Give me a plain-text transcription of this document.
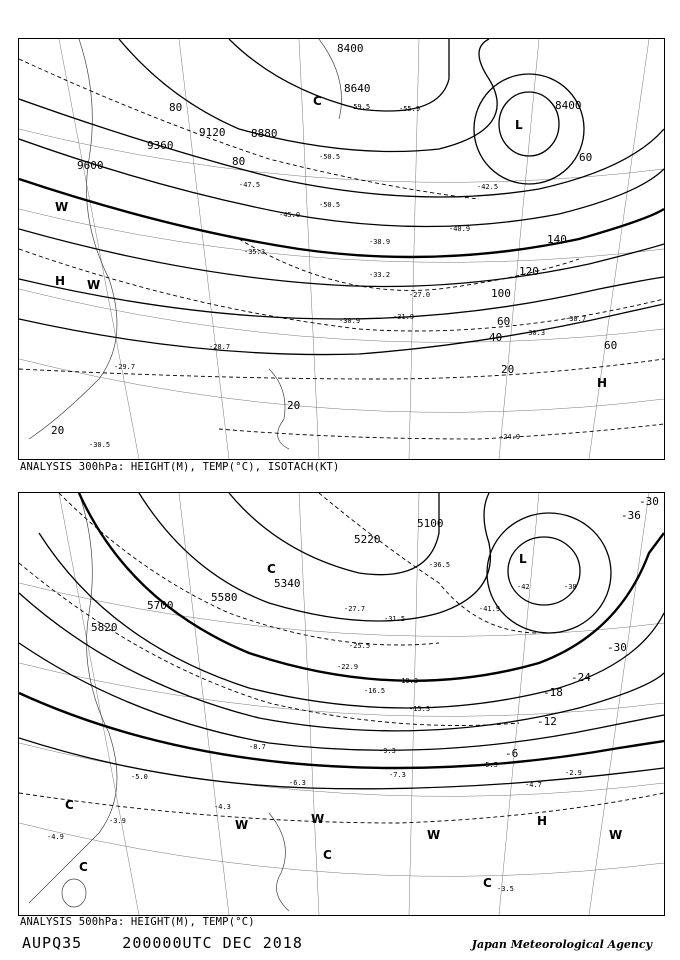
8400
8640
9120 8880
9360
9600
8400
80
80	60
140
120
100
60
40
20
20
20
60
-50.5
-47.5
-45.0
-38.9
-35.3
-33.2
-31.9
-30.9
-28.7
-30.7
-30.3
-27.0
-24.9
-29.7
-30.5
-40.9
-42.5
-55.9
-59.5
-50.5
H
W
W
L
C
H
ANALYSIS 300hPa: HEIGHT(M), TEMP(°C), ISOTACH(KT)
5100
5220
5340
5700
5580
5820
-30
-36
-30
-24
-18
-12
-6
-42	-38
-41.9
-36.5
-31.5
-27.7
-25.5
-22.9
-19.3
-16.5
-15.3
-9.3
-7.3
-5.5
-4.7
-2.9
-8.7
-6.3
-4.3
-5.0
-3.9
-4.9
-3.5
L
C
C
C
W	W
W
C
H
W
C
ANALYSIS 500hPa: HEIGHT(M), TEMP(°C)
AUPQ35    200000UTC DEC 2018	Japan Meteorological Agency
